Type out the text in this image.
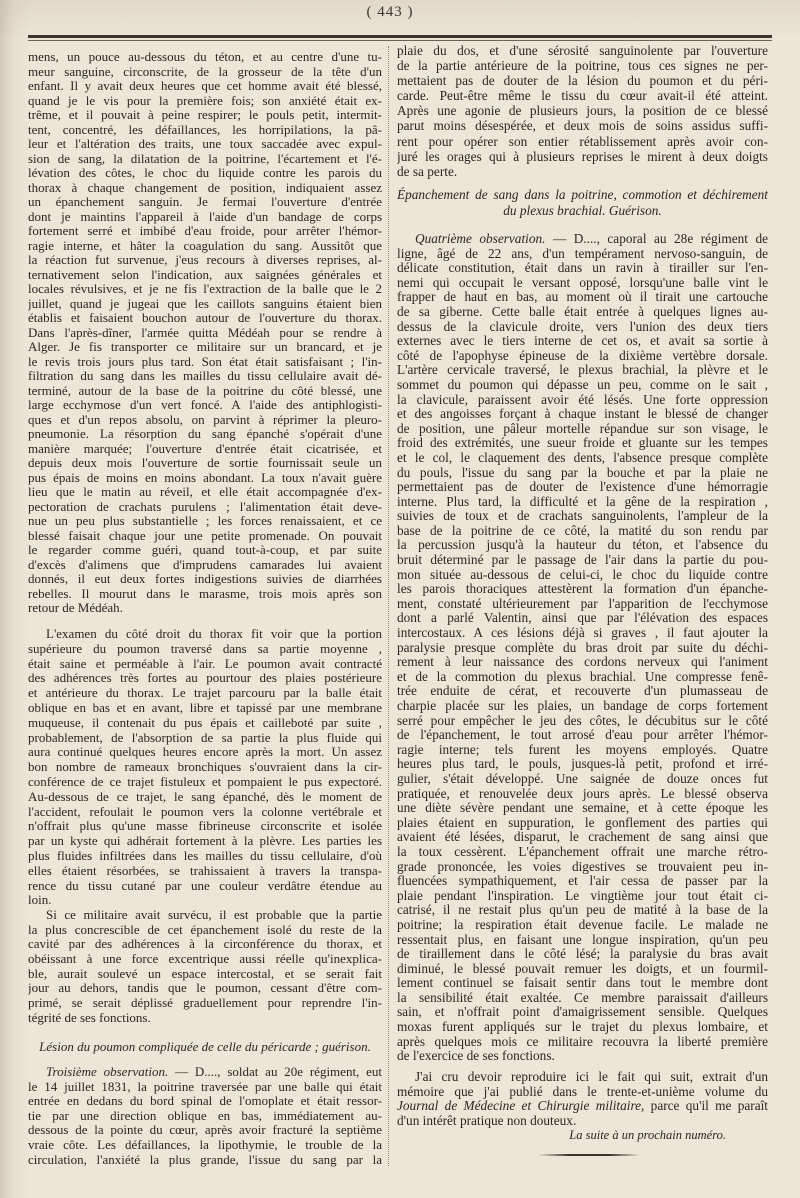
( 443 )
mens, un pouce au-dessous du téton, et au centre d'une tu-
meur sanguine, circonscrite, de la grosseur de la tête d'un
enfant. Il y avait deux heures que cet homme avait été blessé,
quand je le vis pour la première fois; son anxiété était ex-
trême, et il pouvait à peine respirer; le pouls petit, intermit-
tent, concentré, les défaillances, les horripilations, la pâ-
leur et l'altération des traits, une toux saccadée avec expul-
sion de sang, la dilatation de la poitrine, l'écartement et l'é-
lévation des côtes, le choc du liquide contre les parois du
thorax à chaque changement de position, indiquaient assez
un épanchement sanguin. Je fermai l'ouverture d'entrée
dont je maintins l'appareil à l'aide d'un bandage de corps
fortement serré et imbibé d'eau froide, pour arrêter l'hémor-
ragie interne, et hâter la coagulation du sang. Aussitôt que
la réaction fut survenue, j'eus recours à diverses reprises, al-
ternativement selon l'indication, aux saignées générales et
locales révulsives, et je ne fis l'extraction de la balle que le 2
juillet, quand je jugeai que les caillots sanguins étaient bien
établis et faisaient bouchon autour de l'ouverture du thorax.
Dans l'après-dîner, l'armée quitta Médéah pour se rendre à
Alger. Je fis transporter ce militaire sur un brancard, et je
le revis trois jours plus tard. Son état était satisfaisant ; l'in-
filtration du sang dans les mailles du tissu cellulaire avait dé-
terminé, autour de la base de la poitrine du côté blessé, une
large ecchymose d'un vert foncé. A l'aide des antiphlogisti-
ques et d'un repos absolu, on parvint à réprimer la pleuro-
pneumonie. La résorption du sang épanché s'opérait d'une
manière marquée; l'ouverture d'entrée était cicatrisée, et
depuis deux mois l'ouverture de sortie fournissait seule un
pus épais de moins en moins abondant. La toux n'avait guère
lieu que le matin au réveil, et elle était accompagnée d'ex-
pectoration de crachats purulens ; l'alimentation était deve-
nue un peu plus substantielle ; les forces renaissaient, et ce
blessé faisait chaque jour une petite promenade. On pouvait
le regarder comme guéri, quand tout-à-coup, et par suite
d'excès d'alimens que d'imprudens camarades lui avaient
donnés, il eut deux fortes indigestions suivies de diarrhées
rebelles. Il mourut dans le marasme, trois mois après son
retour de Médéah.
L'examen du côté droit du thorax fit voir que la portion
supérieure du poumon traversé dans sa partie moyenne ,
était saine et perméable à l'air. Le poumon avait contracté
des adhérences très fortes au pourtour des plaies postérieure
et antérieure du thorax. Le trajet parcouru par la balle était
oblique en bas et en avant, libre et tapissé par une membrane
muqueuse, il contenait du pus épais et cailleboté par suite ,
probablement, de l'absorption de sa partie la plus fluide qui
aura continué quelques heures encore après la mort. Un assez
bon nombre de rameaux bronchiques s'ouvraient dans la cir-
conférence de ce trajet fistuleux et pompaient le pus expectoré.
Au-dessous de ce trajet, le sang épanché, dès le moment de
l'accident, refoulait le poumon vers la colonne vertébrale et
n'offrait plus qu'une masse fibrineuse circonscrite et isolée
par un kyste qui adhérait fortement à la plèvre. Les parties les
plus fluides infiltrées dans les mailles du tissu cellulaire, d'où
elles étaient résorbées, se trahissaient à travers la transpa-
rence du tissu cutané par une couleur verdâtre étendue au
loin.
Si ce militaire avait survécu, il est probable que la partie
la plus concrescible de cet épanchement isolé du reste de la
cavité par des adhérences à la circonférence du thorax, et
obéissant à une force excentrique aussi réelle qu'inexplica-
ble, aurait soulevé un espace intercostal, et se serait fait
jour au dehors, tandis que le poumon, cessant d'être com-
primé, se serait déplissé graduellement pour reprendre l'in-
tégrité de ses fonctions.
Lésion du poumon compliquée de celle du péricarde ; guérison.
Troisième observation. — D...., soldat au 20e régiment, eut
le 14 juillet 1831, la poitrine traversée par une balle qui était
entrée en dedans du bord spinal de l'omoplate et était ressor-
tie par une direction oblique en bas, immédiatement au-
dessous de la pointe du cœur, après avoir fracturé la septième
vraie côte. Les défaillances, la lipothymie, le trouble de la
circulation, l'anxiété la plus grande, l'issue du sang par la
plaie du dos, et d'une sérosité sanguinolente par l'ouverture
de la partie antérieure de la poitrine, tous ces signes ne per-
mettaient pas de douter de la lésion du poumon et du péri-
carde. Peut-être même le tissu du cœur avait-il été atteint.
Après une agonie de plusieurs jours, la position de ce blessé
parut moins désespérée, et deux mois de soins assidus suffi-
rent pour opérer son entier rétablissement après avoir con-
juré les orages qui à plusieurs reprises le mirent à deux doigts
de sa perte.
Épanchement de sang dans la poitrine, commotion et déchirement
du plexus brachial. Guérison.
Quatrième observation. — D...., caporal au 28e régiment de
ligne, âgé de 22 ans, d'un tempérament nervoso-sanguin, de
délicate constitution, était dans un ravin à tirailler sur l'en-
nemi qui occupait le versant opposé, lorsqu'une balle vint le
frapper de haut en bas, au moment où il tirait une cartouche
de sa giberne. Cette balle était entrée à quelques lignes au-
dessus de la clavicule droite, vers l'union des deux tiers
externes avec le tiers interne de cet os, et avait sa sortie à
côté de l'apophyse épineuse de la dixième vertèbre dorsale.
L'artère cervicale traversé, le plexus brachial, la plèvre et le
sommet du poumon qui dépasse un peu, comme on le sait ,
la clavicule, paraissent avoir été lésés. Une forte oppression
et des angoisses forçant à chaque instant le blessé de changer
de position, une pâleur mortelle répandue sur son visage, le
froid des extrémités, une sueur froide et gluante sur les tempes
et le col, le claquement des dents, l'absence presque complète
du pouls, l'issue du sang par la bouche et par la plaie ne
permettaient pas de douter de l'existence d'une hémorragie
interne. Plus tard, la difficulté et la gêne de la respiration ,
suivies de toux et de crachats sanguinolents, l'ampleur de la
base de la poitrine de ce côté, la matité du son rendu par
la percussion jusqu'à la hauteur du téton, et l'absence du
bruit déterminé par le passage de l'air dans la partie du pou-
mon située au-dessous de celui-ci, le choc du liquide contre
les parois thoraciques attestèrent la formation d'un épanche-
ment, constaté ultérieurement par l'apparition de l'ecchymose
dont a parlé Valentin, ainsi que par l'élévation des espaces
intercostaux. A ces lésions déjà si graves , il faut ajouter la
paralysie presque complète du bras droit par suite du déchi-
rement à leur naissance des cordons nerveux qui l'animent
et de la commotion du plexus brachial. Une compresse fenê-
trée enduite de cérat, et recouverte d'un plumasseau de
charpie placée sur les plaies, un bandage de corps fortement
serré pour empêcher le jeu des côtes, le décubitus sur le côté
de l'épanchement, le tout arrosé d'eau pour arrêter l'hémor-
ragie interne; tels furent les moyens employés. Quatre
heures plus tard, le pouls, jusques-là petit, profond et irré-
gulier, s'était développé. Une saignée de douze onces fut
pratiquée, et renouvelée deux jours après. Le blessé observa
une diète sévère pendant une semaine, et à cette époque les
plaies étaient en suppuration, le gonflement des parties qui
avaient été lésées, disparut, le crachement de sang ainsi que
la toux cessèrent. L'épanchement offrait une marche rétro-
grade prononcée, les voies digestives se trouvaient peu in-
fluencées sympathiquement, et l'air cessa de passer par la
plaie pendant l'inspiration. Le vingtième jour tout était ci-
catrisé, il ne restait plus qu'un peu de matité à la base de la
poitrine; la respiration était devenue facile. Le malade ne
ressentait plus, en faisant une longue inspiration, qu'un peu
de tiraillement dans le côté lésé; la paralysie du bras avait
diminué, le blessé pouvait remuer les doigts, et un fourmil-
lement continuel se faisait sentir dans tout le membre dont
la sensibilité était exaltée. Ce membre paraissait d'ailleurs
sain, et n'offrait point d'amaigrissement sensible. Quelques
moxas furent appliqués sur le trajet du plexus lombaire, et
après quelques mois ce militaire recouvra la liberté première
de l'exercice de ses fonctions.
J'ai cru devoir reproduire ici le fait qui suit, extrait d'un
mémoire que j'ai publié dans le trente-et-unième volume du
Journal de Médecine et Chirurgie militaire, parce qu'il me paraît
d'un intérêt pratique non douteux.
La suite à un prochain numéro.
